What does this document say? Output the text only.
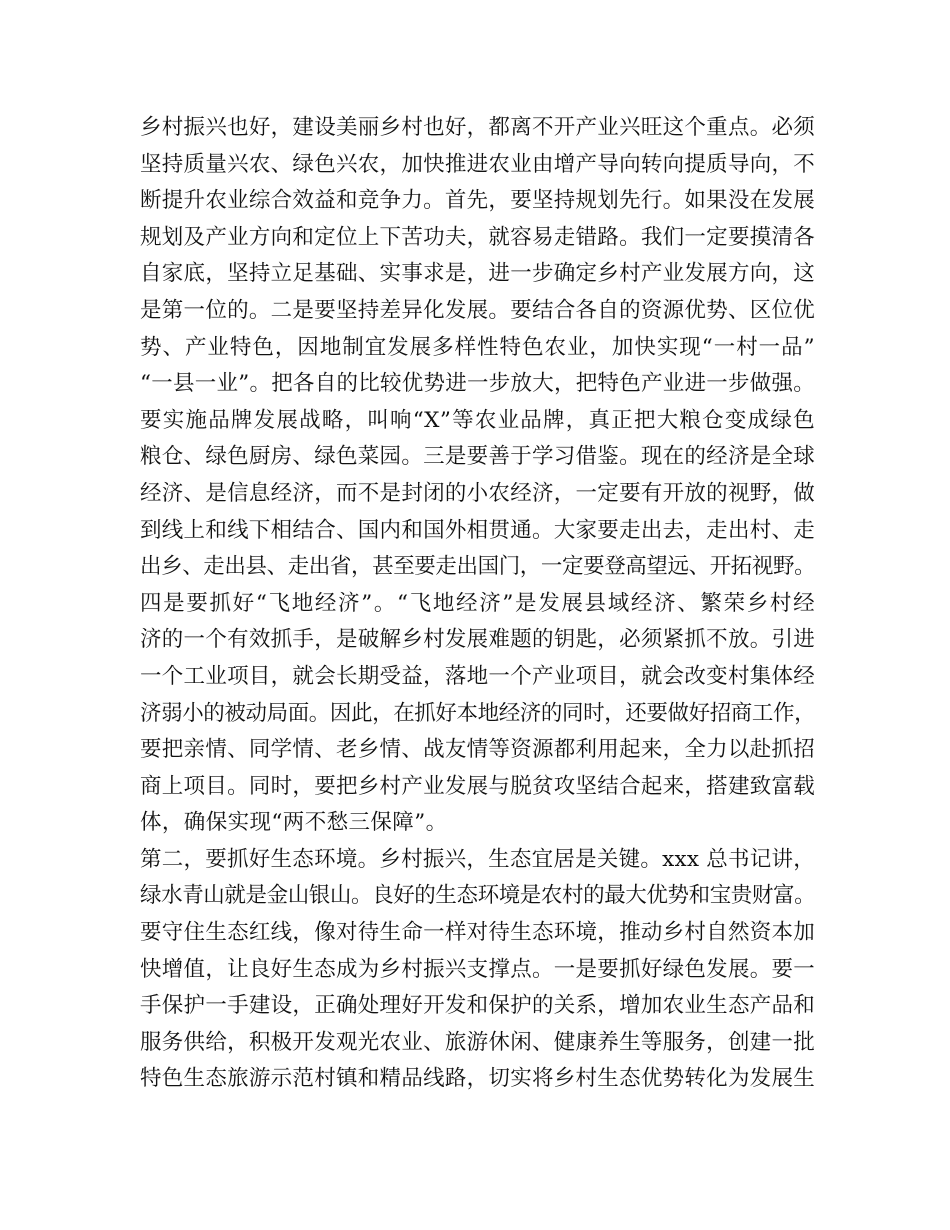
乡村振兴也好，建设美丽乡村也好，都离不开产业兴旺这个重点。必须
坚持质量兴农、绿色兴农，加快推进农业由增产导向转向提质导向，不
断提升农业综合效益和竞争力。首先，要坚持规划先行。如果没在发展
规划及产业方向和定位上下苦功夫，就容易走错路。我们一定要摸清各
自家底，坚持立足基础、实事求是，进一步确定乡村产业发展方向，这
是第一位的。二是要坚持差异化发展。要结合各自的资源优势、区位优
势、产业特色，因地制宜发展多样性特色农业，加快实现“一村一品”
“一县一业”。把各自的比较优势进一步放大，把特色产业进一步做强。
要实施品牌发展战略，叫响“X”等农业品牌，真正把大粮仓变成绿色
粮仓、绿色厨房、绿色菜园。三是要善于学习借鉴。现在的经济是全球
经济、是信息经济，而不是封闭的小农经济，一定要有开放的视野，做
到线上和线下相结合、国内和国外相贯通。大家要走出去，走出村、走
出乡、走出县、走出省，甚至要走出国门，一定要登高望远、开拓视野。
四是要抓好“飞地经济”。“飞地经济”是发展县域经济、繁荣乡村经
济的一个有效抓手，是破解乡村发展难题的钥匙，必须紧抓不放。引进
一个工业项目，就会长期受益，落地一个产业项目，就会改变村集体经
济弱小的被动局面。因此，在抓好本地经济的同时，还要做好招商工作，
要把亲情、同学情、老乡情、战友情等资源都利用起来，全力以赴抓招
商上项目。同时，要把乡村产业发展与脱贫攻坚结合起来，搭建致富载
体，确保实现“两不愁三保障”。
第二，要抓好生态环境。乡村振兴，生态宜居是关键。xxx 总书记讲，
绿水青山就是金山银山。良好的生态环境是农村的最大优势和宝贵财富。
要守住生态红线，像对待生命一样对待生态环境，推动乡村自然资本加
快增值，让良好生态成为乡村振兴支撑点。一是要抓好绿色发展。要一
手保护一手建设，正确处理好开发和保护的关系，增加农业生态产品和
服务供给，积极开发观光农业、旅游休闲、健康养生等服务，创建一批
特色生态旅游示范村镇和精品线路，切实将乡村生态优势转化为发展生
